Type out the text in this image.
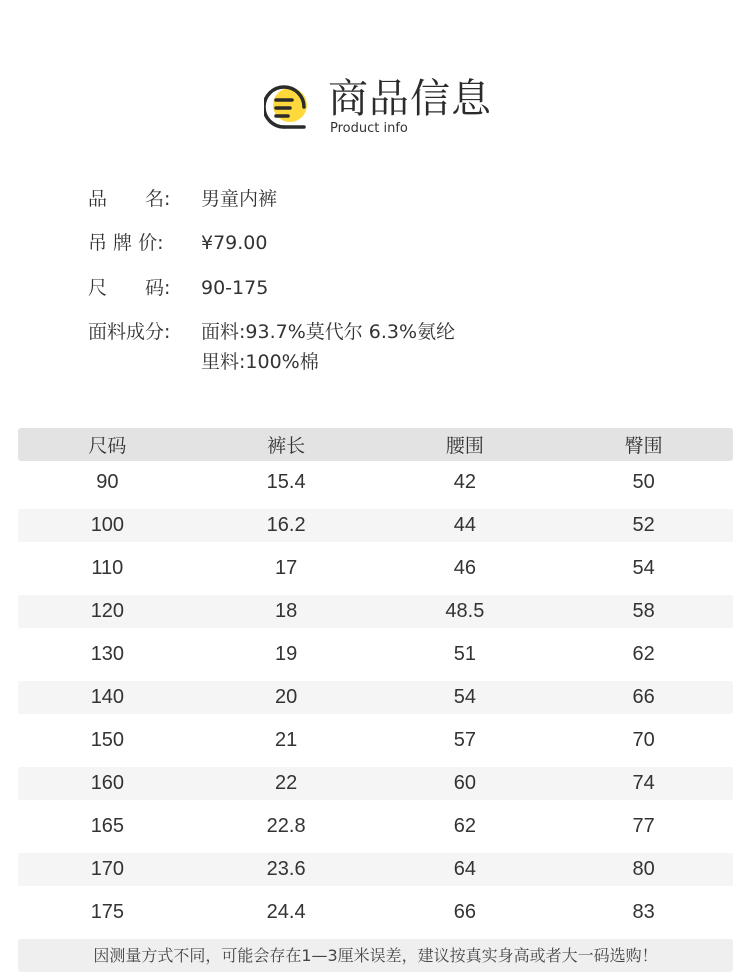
商品信息
Product info
品　　名:	男童内裤
吊 牌 价:	¥79.00
尺　　码:	90-175
面料成分:	面料:93.7%莫代尔 6.3%氨纶
里料:100%棉
尺码	裤长	腰围	臀围
90	15.4	42	50
100	16.2	44	52
110	17	46	54
120	18	48.5	58
130	19	51	62
140	20	54	66
150	21	57	70
160	22	60	74
165	22.8	62	77
170	23.6	64	80
175	24.4	66	83
因测量方式不同，可能会存在1—3厘米误差，建议按真实身高或者大一码选购！
